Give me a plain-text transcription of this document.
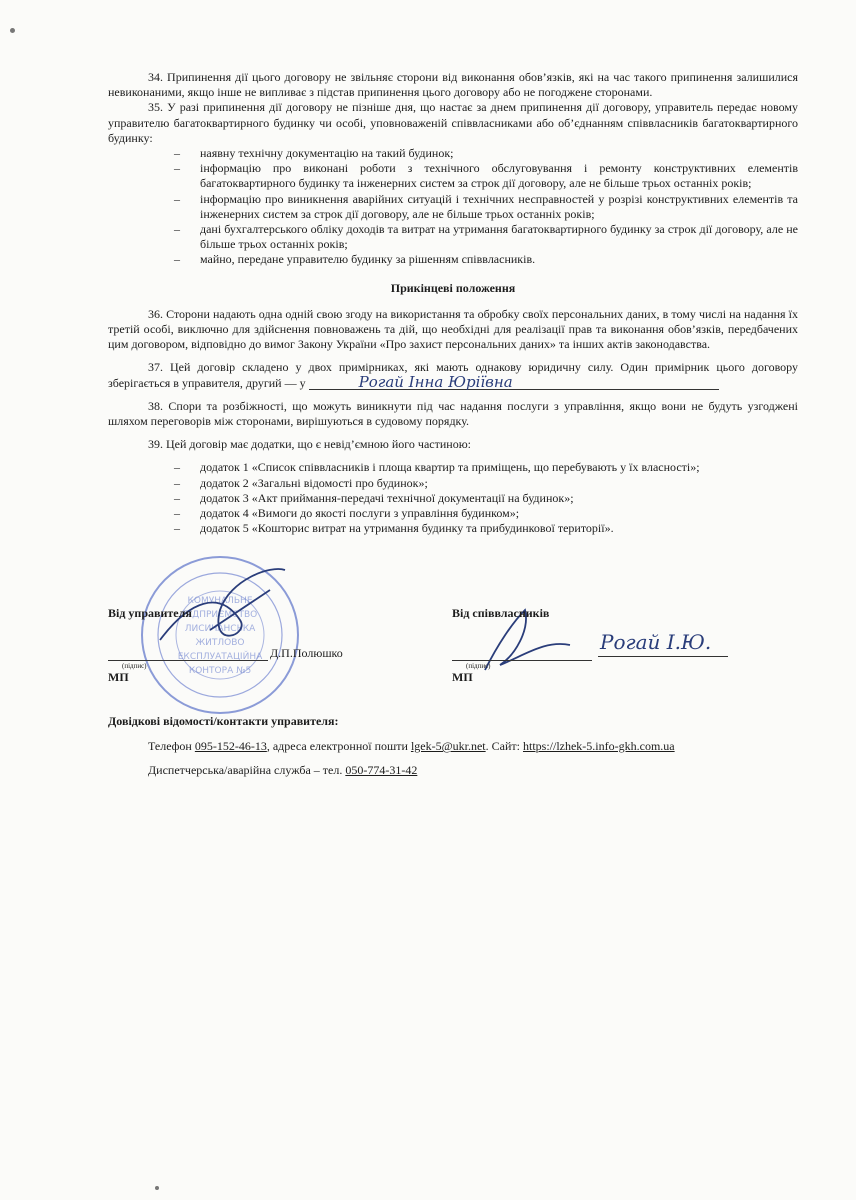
34. Припинення дії цього договору не звільняє сторони від виконання обов’язків, які на час такого припинення залишилися невиконаними, якщо інше не випливає з підстав припинення цього договору або не погоджене сторонами.

35. У разі припинення дії договору не пізніше дня, що настає за днем припинення дії договору, управитель передає новому управителю багатоквартирного будинку чи особі, уповноваженій співвласниками або об’єднанням співвласників багатоквартирного будинку:

– наявну технічну документацію на такий будинок;
– інформацію про виконані роботи з технічного обслуговування і ремонту конструктивних елементів багатоквартирного будинку та інженерних систем за строк дії договору, але не більше трьох останніх років;
– інформацію про виникнення аварійних ситуацій і технічних несправностей у розрізі конструктивних елементів та інженерних систем за строк дії договору, але не більше трьох останніх років;
– дані бухгалтерського обліку доходів та витрат на утримання багатоквартирного будинку за строк дії договору, але не більше трьох останніх років;
– майно, передане управителю будинку за рішенням співвласників.

Прикінцеві положення

36. Сторони надають одна одній свою згоду на використання та обробку своїх персональних даних, в тому числі на надання їх третій особі, виключно для здійснення повноважень та дій, що необхідні для реалізації прав та виконання обов’язків, передбачених цим договором, відповідно до вимог Закону України «Про захист персональних даних» та інших актів законодавства.

37. Цей договір складено у двох примірниках, які мають однакову юридичну силу. Один примірник цього договору зберігається в управителя, другий — у	Рогай Інна Юріївна

38. Спори та розбіжності, що можуть виникнути під час надання послуги з управління, якщо вони не будуть узгоджені шляхом переговорів між сторонами, вирішуються в судовому порядку.

39. Цей договір має додатки, що є невід’ємною його частиною:

– додаток 1 «Список співвласників і площа квартир та приміщень, що перебувають у їх власності»;
– додаток 2 «Загальні відомості про будинок»;
– додаток 3 «Акт приймання-передачі технічної документації на будинок»;
– додаток 4 «Вимоги до якості послуги з управління будинком»;
– додаток 5 «Кошторис витрат на утримання будинку та прибудинкової території».
КОМУНАЛЬНЕ
ПІДПРИЄМСТВО
ЛИСИЧАНСЬКА
ЖИТЛОВО
ЕКСПЛУАТАЦІЙНА
КОНТОРА №5
Від управителя
Д.П.Полюшко
(підпис)
МП
Від співвласників
(підпис)
МП
Рогай І.Ю.
Довідкові відомості/контакти управителя:
Телефон 095-152-46-13, адреса електронної пошти lgek-5@ukr.net. Сайт: https://lzhek-5.info-gkh.com.ua
Диспетчерська/аварійна служба – тел. 050-774-31-42
